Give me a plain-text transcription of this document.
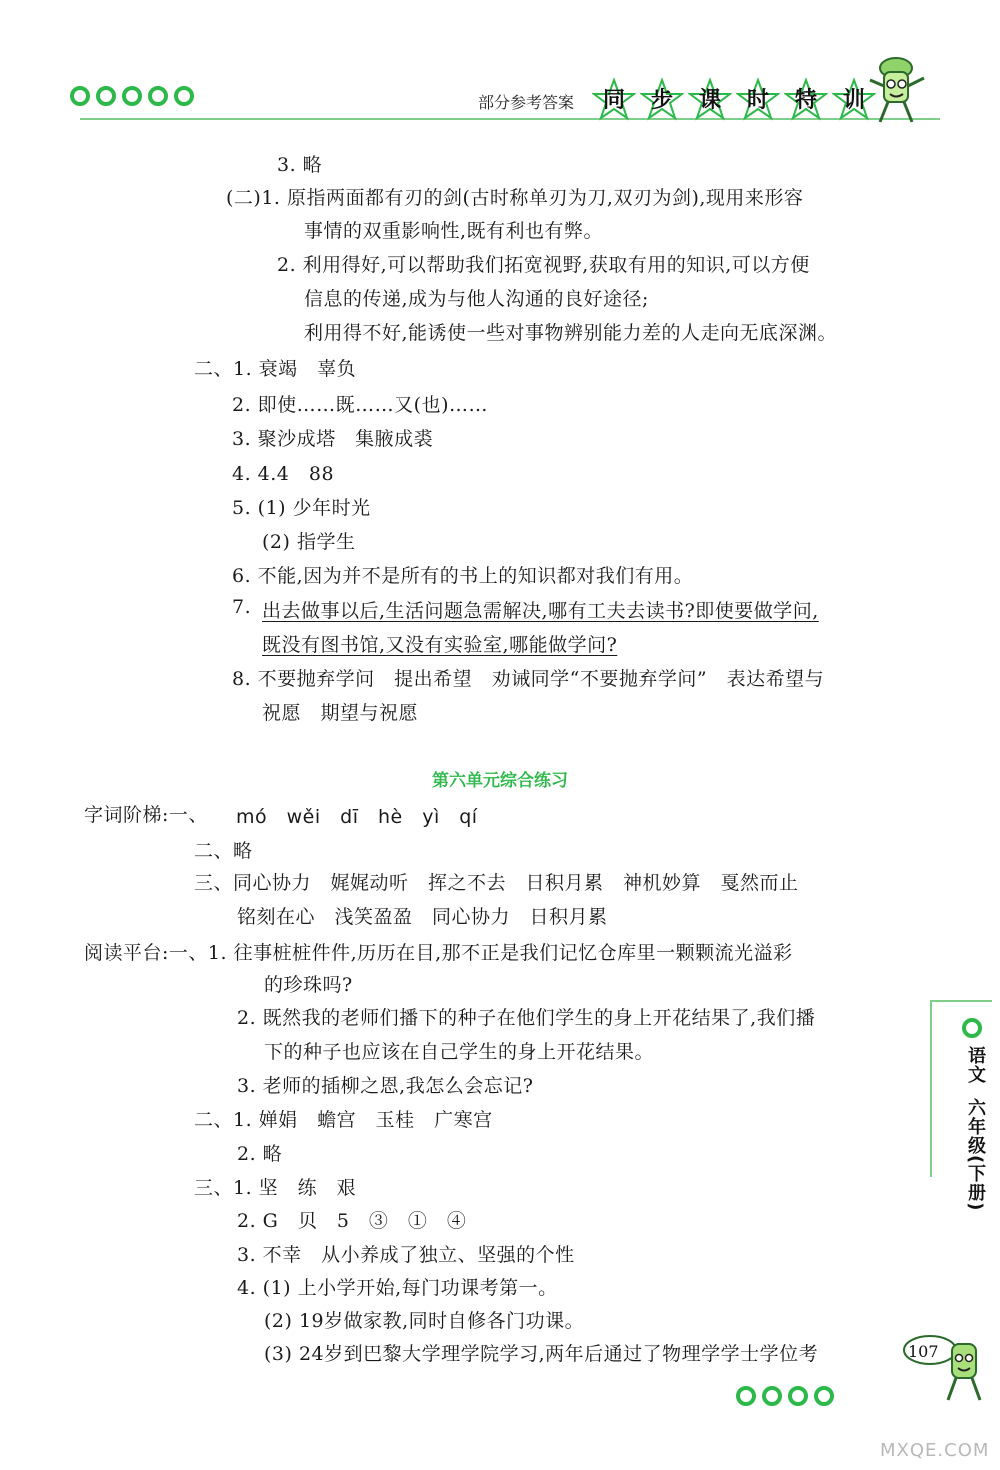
部分参考答案	同	步	课	时	特	训
3. 略
(二)1. 原指两面都有刃的剑(古时称单刃为刀,双刃为剑),现用来形容
事情的双重影响性,既有利也有弊。
2. 利用得好,可以帮助我们拓宽视野,获取有用的知识,可以方便
信息的传递,成为与他人沟通的良好途径;
利用得不好,能诱使一些对事物辨别能力差的人走向无底深渊。
二、1. 衰竭　辜负
2. 即使……既……又(也)……
3. 聚沙成塔　集腋成裘
4. 4.4　88
5. (1) 少年时光
(2) 指学生
6. 不能,因为并不是所有的书上的知识都对我们有用。
7. 出去做事以后,生活问题急需解决,哪有工夫去读书?即使要做学问,
既没有图书馆,又没有实验室,哪能做学问?
8. 不要抛弃学问　提出希望　劝诫同学“不要抛弃学问”　表达希望与
祝愿　期望与祝愿
第六单元综合练习
字词阶梯:一、 mó　wěi　dī　hè　yì　qí
二、略
三、同心协力　娓娓动听　挥之不去　日积月累　神机妙算　戛然而止
铭刻在心　浅笑盈盈　同心协力　日积月累
阅读平台:一、1. 往事桩桩件件,历历在目,那不正是我们记忆仓库里一颗颗流光溢彩
的珍珠吗?
2. 既然我的老师们播下的种子在他们学生的身上开花结果了,我们播
下的种子也应该在自己学生的身上开花结果。
3. 老师的插柳之恩,我怎么会忘记?
二、1. 婵娟　蟾宫　玉桂　广寒宫
2. 略
三、1. 坚　练　艰
2. G　贝　5　③　①　④
3. 不幸　从小养成了独立、坚强的个性
4. (1) 上小学开始,每门功课考第一。
(2) 19岁做家教,同时自修各门功课。
(3) 24岁到巴黎大学理学院学习,两年后通过了物理学学士学位考
语文
六年级(下册)
107
MXQE.COM
